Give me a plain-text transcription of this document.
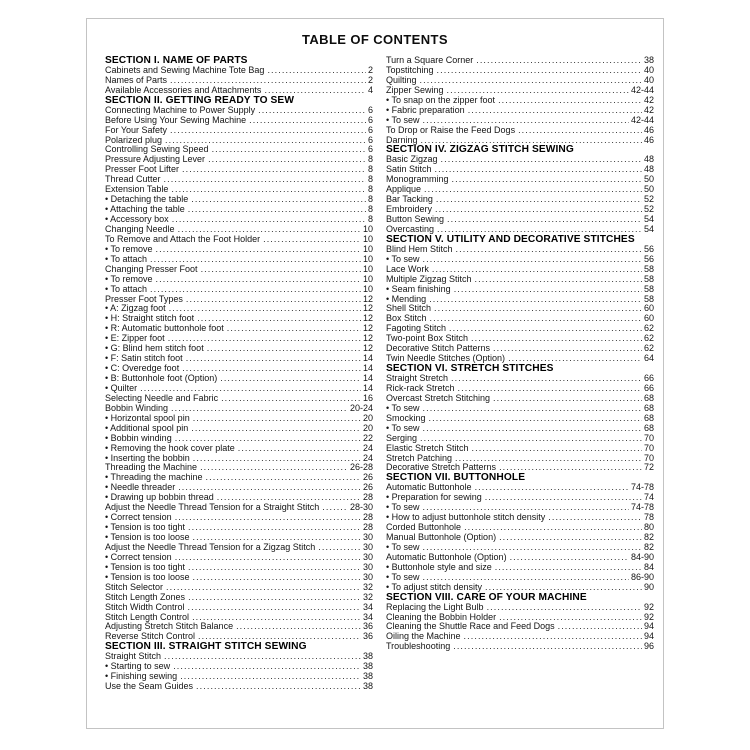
TABLE OF CONTENTS
SECTION I. NAME OF PARTS
Cabinets and Sewing Machine Tote Bag .....	2
Names of Parts .....	2
Available Accessories and Attachments .....	4
SECTION II. GETTING READY TO SEW
Connecting Machine to Power Supply .....	6
Before Using Your Sewing Machine .....	6
For Your Safety .....	6
Polarized plug .....	6
Controlling Sewing Speed .....	6
Pressure Adjusting Lever .....	8
Presser Foot Lifter .....	8
Thread Cutter .....	8
Extension Table .....	8
• Detaching the table .....	8
• Attaching the table .....	8
• Accessory box .....	8
Changing Needle .....	10
To Remove and Attach the Foot Holder .....	10
• To remove .....	10
• To attach .....	10
Changing Presser Foot .....	10
• To remove .....	10
• To attach .....	10
Presser Foot Types .....	12
• A: Zigzag foot .....	12
• H: Straight stitch foot .....	12
• R: Automatic buttonhole foot .....	12
• E: Zipper foot .....	12
• G: Blind hem stitch foot .....	12
• F: Satin stitch foot .....	14
• C: Overedge foot .....	14
• B: Buttonhole foot (Option) .....	14
• Quilter .....	14
Selecting Needle and Fabric .....	16
Bobbin Winding .....	20-24
• Horizontal spool pin .....	20
• Additional spool pin .....	20
• Bobbin winding .....	22
• Removing the hook cover plate .....	24
• Inserting the bobbin .....	24
Threading the Machine .....	26-28
• Threading the machine .....	26
• Needle threader .....	26
• Drawing up bobbin thread .....	28
Adjust the Needle Thread Tension for a Straight Stitch .....	28-30
• Correct tension .....	28
• Tension is too tight .....	28
• Tension is too loose .....	30
Adjust the Needle Thread Tension for a Zigzag Stitch .....	30
• Correct tension .....	30
• Tension is too tight .....	30
• Tension is too loose .....	30
Stitch Selector .....	32
Stitch Length Zones .....	32
Stitch Width Control .....	34
Stitch Length Control .....	34
Adjusting Stretch Stitch Balance .....	36
Reverse Stitch Control .....	36
SECTION III. STRAIGHT STITCH SEWING
Straight Stitch .....	38
• Starting to sew .....	38
• Finishing sewing .....	38
Use the Seam Guides .....	38
Turn a Square Corner .....	38
Topstitching .....	40
Quilting .....	40
Zipper Sewing .....	42-44
• To snap on the zipper foot .....	42
• Fabric preparation .....	42
• To sew .....	42-44
To Drop or Raise the Feed Dogs .....	46
Darning .....	46
SECTION IV. ZIGZAG STITCH SEWING
Basic Zigzag .....	48
Satin Stitch .....	48
Monogramming .....	50
Applique .....	50
Bar Tacking .....	52
Embroidery .....	52
Button Sewing .....	54
Overcasting .....	54
SECTION V. UTILITY AND DECORATIVE STITCHES
Blind Hem Stitch .....	56
• To sew .....	56
Lace Work .....	58
Multiple Zigzag Stitch .....	58
• Seam finishing .....	58
• Mending .....	58
Shell Stitch .....	60
Box Stitch .....	60
Fagoting Stitch .....	62
Two-point Box Stitch .....	62
Decorative Stitch Patterns .....	62
Twin Needle Stitches (Option) .....	64
SECTION VI. STRETCH STITCHES
Straight Stretch .....	66
Rick-rack Stretch .....	66
Overcast Stretch Stitching .....	68
• To sew .....	68
Smocking .....	68
• To sew .....	68
Serging .....	70
Elastic Stretch Stitch .....	70
Stretch Patching .....	70
Decorative Stretch Patterns .....	72
SECTION VII. BUTTONHOLE
Automatic Buttonhole .....	74-78
• Preparation for sewing .....	74
• To sew .....	74-78
• How to adjust buttonhole stitch density .....	78
Corded Buttonhole .....	80
Manual Buttonhole (Option) .....	82
• To sew .....	82
Automatic Buttonhole (Option) .....	84-90
• Buttonhole style and size .....	84
• To sew .....	86-90
• To adjust stitch density .....	90
SECTION VIII. CARE OF YOUR MACHINE
Replacing the Light Bulb .....	92
Cleaning the Bobbin Holder .....	92
Cleaning the Shuttle Race and Feed Dogs .....	94
Oiling the Machine .....	94
Troubleshooting .....	96
